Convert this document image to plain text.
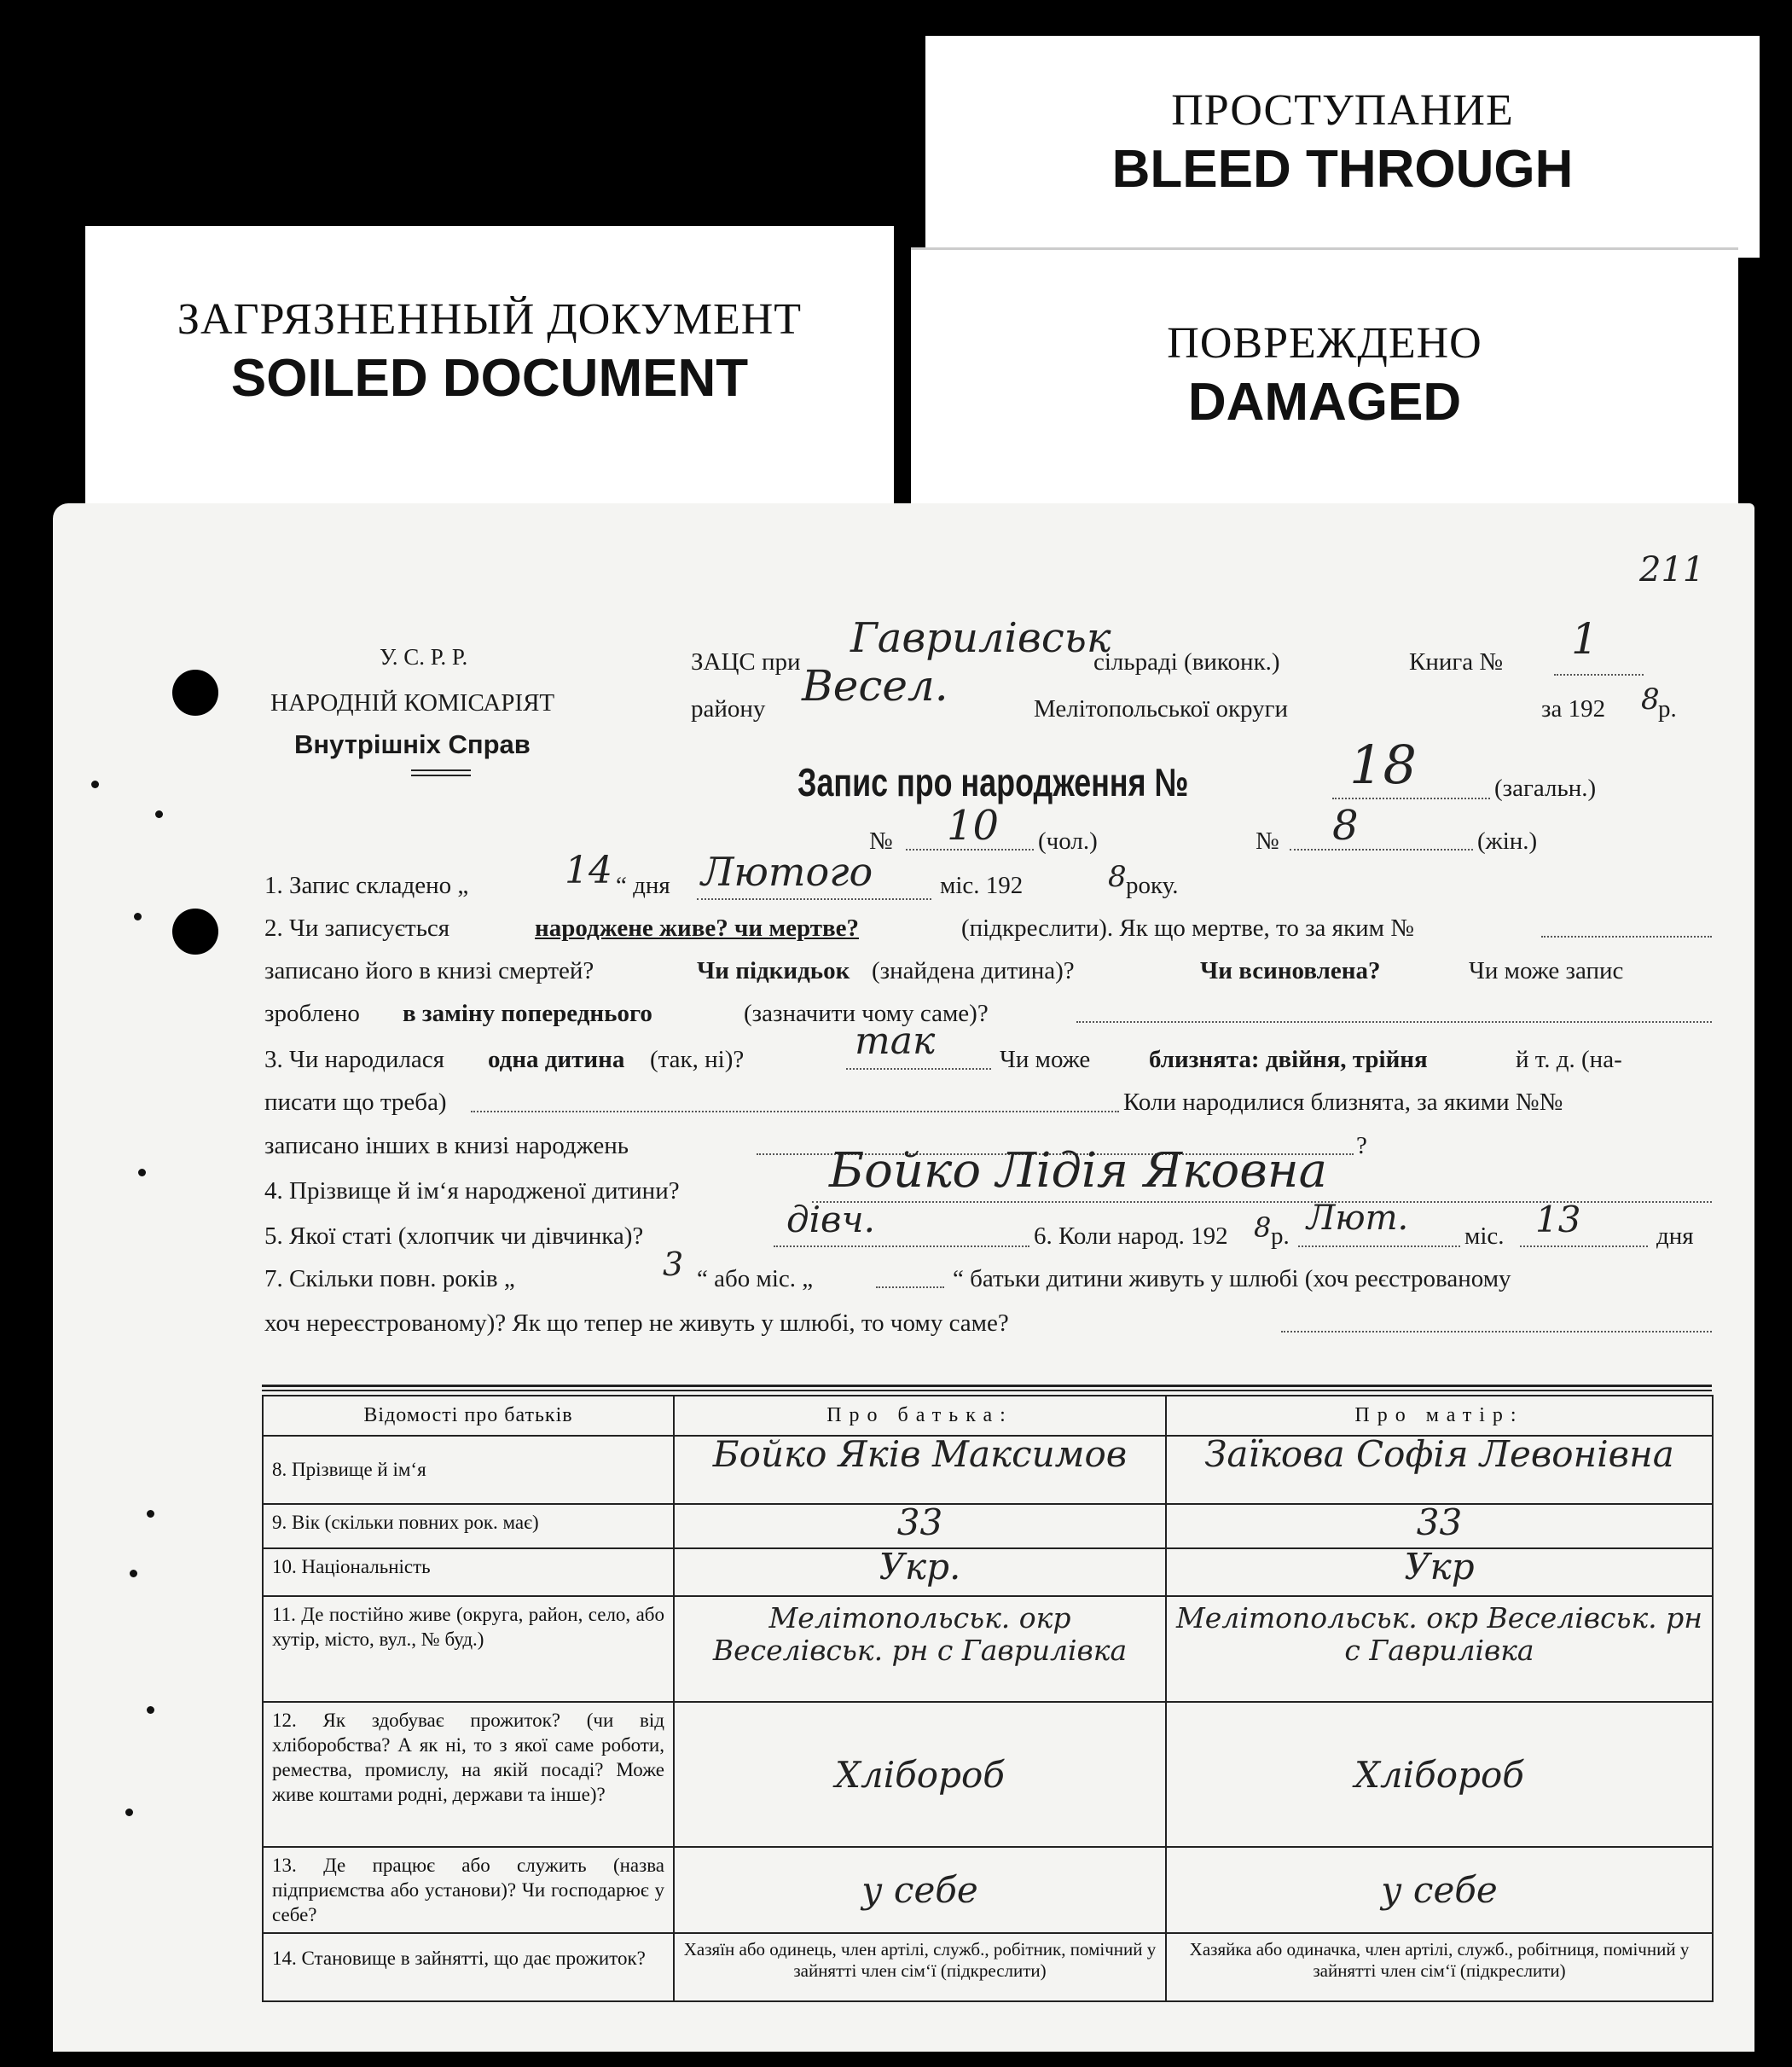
ЗАГРЯЗНЕННЫЙ ДОКУМЕНТ
SOILED DOCUMENT
ПРОСТУПАНИЕ
BLEED THROUGH
ПОВРЕЖДЕНО
DAMAGED
211
У. С. Р. Р.
НАРОДНІЙ КОМІСАРІЯТ
Внутрішніх Справ
ЗАЦС при Гаврилівськ
сільраді (виконк.)	Книга № 1
району Весел.	Мелітопольської округи	за 192 8
р.
Запис про народження №	18	(загальн.)
№ 10 (чол.)	№ 8	(жін.)
1. Запис складено „	14 “ дня Лютого	міс. 192	8 року.
2. Чи записується	народжене живе? чи мертве?	(підкреслити). Як що мертве, то за яким №
записано його в книзі смертей?	Чи підкидьок (знайдена дитина)?	Чи всиновлена?	Чи може запис
зроблено в заміну попереднього	(зазначити чому саме)?
3. Чи народилася одна дитина (так, ні)?	так	Чи може близнята: двійня, трійня	й т. д. (на-
писати що треба)	Коли народилися близнята, за якими №№
записано інших в книзі народжень	?
4. Прізвище й ім‘я народженої дитини?	Бойко Лідія Яковна
5. Якої статі (хлопчик чи дівчинка)?	дівч.	6. Коли народ. 192 8 р. Лют. міс. 13	дня
7. Скільки повн. років „	3 “ або міс. „	“ батьки дитини живуть у шлюбі (хоч реєстрованому
хоч нереєстрованому)? Як що тепер не живуть у шлюбі, то чому саме?
Відомості про батьків	Про батька:	Про матір:
8. Прізвище й ім‘я	Бойко Яків Максимов	Заїкова Софія Левонівна
9. Вік (скільки повних рок. має)	33	33
10. Національність	Укр.	Укр
11. Де постійно живе (округа, район, село, або хутір, місто, вул., № буд.)	Мелітопольськ. окр Веселівськ. рн с Гаврилівка	Мелітопольськ. окр Веселівськ. рн с Гаврилівка
12. Як здобуває прожиток? (чи від хліборобства? А як ні, то з якої саме роботи, ремества, промислу, на якій посаді? Може живе коштами родні, держави та інше)?	Хлібороб	Хлібороб
13. Де працює або служить (назва підприємства або установи)? Чи господарює у себе?	у себе	у себе
14. Становище в зайнятті, що дає прожиток?	Хазяїн або одинець, член артілі, служб., робітник, помічний у зайнятті член сім‘ї (підкреслити)	Хазяйка або одиначка, член артілі, служб., робітниця, помічний у зайнятті член сім‘ї (підкреслити)
